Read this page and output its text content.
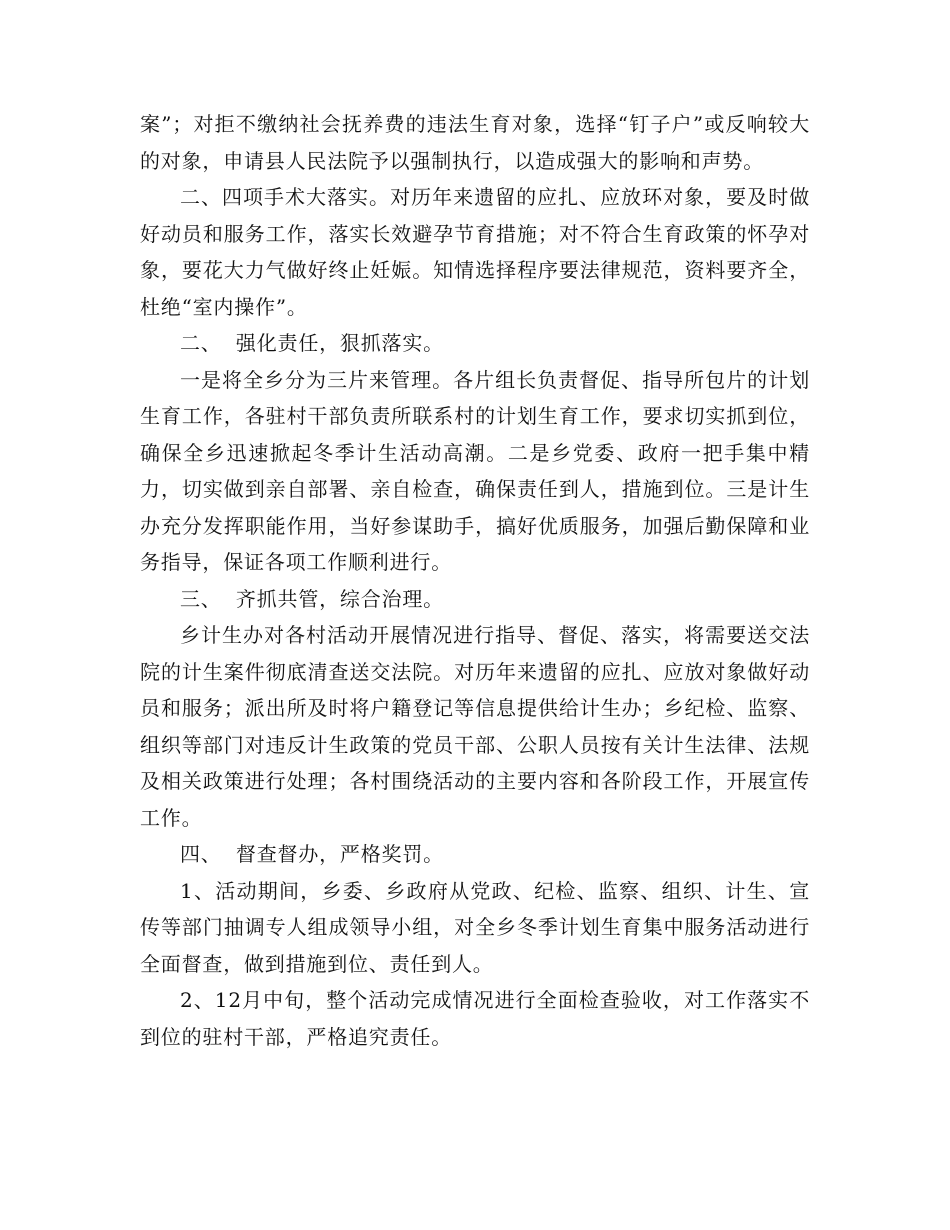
案”；对拒不缴纳社会抚养费的违法生育对象，选择“钉子户”或反响较大的对象，申请县人民法院予以强制执行，以造成强大的影响和声势。

二、四项手术大落实。对历年来遗留的应扎、应放环对象，要及时做好动员和服务工作，落实长效避孕节育措施；对不符合生育政策的怀孕对象，要花大力气做好终止妊娠。知情选择程序要法律规范，资料要齐全，杜绝“室内操作”。

二、  强化责任，狠抓落实。

一是将全乡分为三片来管理。各片组长负责督促、指导所包片的计划生育工作，各驻村干部负责所联系村的计划生育工作，要求切实抓到位，确保全乡迅速掀起冬季计生活动高潮。二是乡党委、政府一把手集中精力，切实做到亲自部署、亲自检查，确保责任到人，措施到位。三是计生办充分发挥职能作用，当好参谋助手，搞好优质服务，加强后勤保障和业务指导，保证各项工作顺利进行。

三、  齐抓共管，综合治理。

乡计生办对各村活动开展情况进行指导、督促、落实，将需要送交法院的计生案件彻底清查送交法院。对历年来遗留的应扎、应放对象做好动员和服务；派出所及时将户籍登记等信息提供给计生办；乡纪检、监察、组织等部门对违反计生政策的党员干部、公职人员按有关计生法律、法规及相关政策进行处理；各村围绕活动的主要内容和各阶段工作，开展宣传工作。

四、  督查督办，严格奖罚。

1、活动期间，乡委、乡政府从党政、纪检、监察、组织、计生、宣传等部门抽调专人组成领导小组，对全乡冬季计划生育集中服务活动进行全面督查，做到措施到位、责任到人。

2、12月中旬，整个活动完成情况进行全面检查验收，对工作落实不到位的驻村干部，严格追究责任。
